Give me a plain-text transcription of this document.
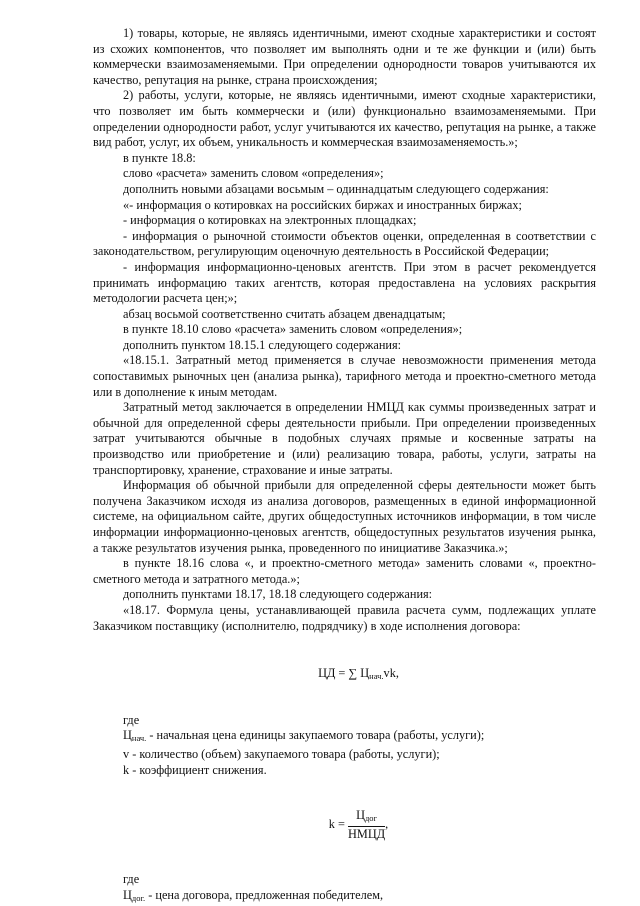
1) товары, которые, не являясь идентичными, имеют сходные характеристики и состоят из схожих компонентов, что позволяет им выполнять одни и те же функции и (или) быть коммерчески взаимозаменяемыми. При определении однородности товаров учитываются их качество, репутация на рынке, страна происхождения;

2) работы, услуги, которые, не являясь идентичными, имеют сходные характеристики, что позволяет им быть коммерчески и (или) функционально взаимозаменяемыми. При определении однородности работ, услуг учитываются их качество, репутация на рынке, а также вид работ, услуг, их объем, уникальность и коммерческая взаимозаменяемость.»;

в пункте 18.8:

слово «расчета» заменить словом «определения»;

дополнить новыми абзацами восьмым – одиннадцатым следующего содержания:

«- информация о котировках на российских биржах и иностранных биржах;

- информация о котировках на электронных площадках;

- информация о рыночной стоимости объектов оценки, определенная в соответствии с законодательством, регулирующим оценочную деятельность в Российской Федерации;

- информация информационно-ценовых агентств. При этом в расчет рекомендуется принимать информацию таких агентств, которая предоставлена на условиях раскрытия методологии расчета цен;»;

абзац восьмой соответственно считать абзацем двенадцатым;

в пункте 18.10 слово «расчета» заменить словом «определения»;

дополнить пунктом 18.15.1 следующего содержания:

«18.15.1. Затратный метод применяется в случае невозможности применения метода сопоставимых рыночных цен (анализа рынка), тарифного метода и проектно-сметного метода или в дополнение к иным методам.

Затратный метод заключается в определении НМЦД как суммы произведенных затрат и обычной для определенной сферы деятельности прибыли. При определении произведенных затрат учитываются обычные в подобных случаях прямые и косвенные затраты на производство или приобретение и (или) реализацию товара, работы, услуги, затраты на транспортировку, хранение, страхование и иные затраты.

Информация об обычной прибыли для определенной сферы деятельности может быть получена Заказчиком исходя из анализа договоров, размещенных в единой информационной системе, на официальном сайте, других общедоступных источников информации, в том числе информации информационно-ценовых агентств, общедоступных результатов изучения рынка, а также результатов изучения рынка, проведенного по инициативе Заказчика.»;

в пункте 18.16 слова «, и проектно-сметного метода» заменить словами «, проектно-сметного метода и затратного метода.»;

дополнить пунктами 18.17, 18.18 следующего содержания:

«18.17. Формула цены, устанавливающей правила расчета сумм, подлежащих уплате Заказчиком поставщику (исполнителю, подрядчику) в ходе исполнения договора:

ЦД = ∑ $Ц_{нач.}vk$,

где

$Ц_{нач.}$ - начальная цена единицы закупаемого товара (работы, услуги);

v - количество (объем) закупаемого товара (работы, услуги);

k - коэффициент снижения.

$k = \frac{Ц_{дог}}{\text{НМЦД}}$ ,

где

$Ц_{дог.}$ - цена договора, предложенная победителем,
